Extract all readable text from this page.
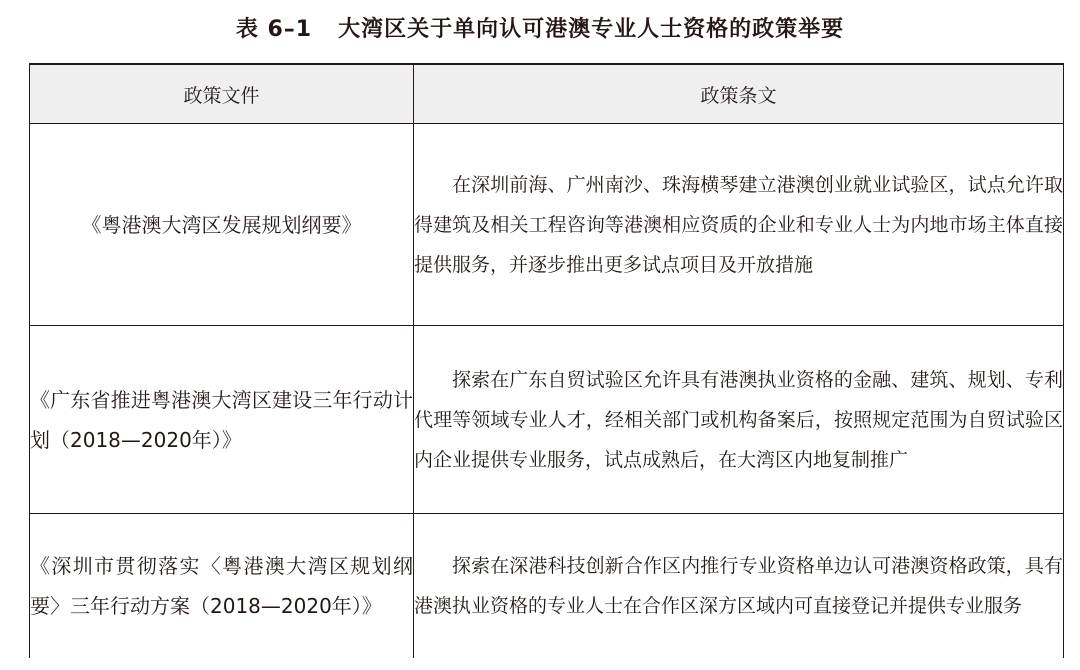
表 6–1 大湾区关于单向认可港澳专业人士资格的政策举要
政策文件	政策条文
《粤港澳大湾区发展规划纲要》	在深圳前海、广州南沙、珠海横琴建立港澳创业就业试验区，试点允许取得建筑及相关工程咨询等港澳相应资质的企业和专业人士为内地市场主体直接提供服务，并逐步推出更多试点项目及开放措施

《广东省推进粤港澳大湾区建设三年行动计划（2018—2020年）》	探索在广东自贸试验区允许具有港澳执业资格的金融、建筑、规划、专利代理等领域专业人才，经相关部门或机构备案后，按照规定范围为自贸试验区内企业提供专业服务，试点成熟后，在大湾区内地复制推广

《深圳市贯彻落实〈粤港澳大湾区规划纲要〉三年行动方案（2018—2020年）》	探索在深港科技创新合作区内推行专业资格单边认可港澳资格政策，具有港澳执业资格的专业人士在合作区深方区域内可直接登记并提供专业服务
